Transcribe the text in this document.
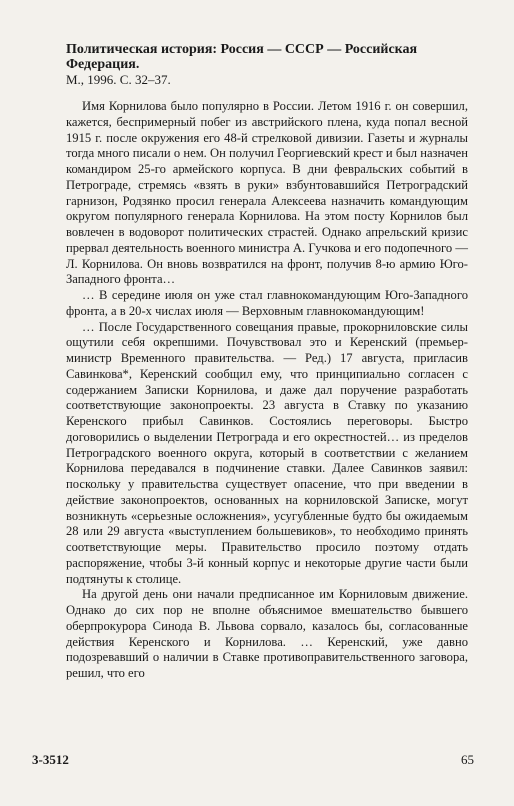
Политическая история: Россия — СССР — Российская Федерация.

М., 1996. С. 32–37.

Имя Корнилова было популярно в России. Летом 1916 г. он совершил, кажется, беспримерный побег из австрийского плена, куда попал весной 1915 г. после окружения его 48-й стрелковой дивизии. Газеты и журналы тогда много писали о нем. Он получил Георгиевский крест и был назначен командиром 25-го армейского корпуса. В дни февральских событий в Петрограде, стремясь «взять в руки» взбунтовавшийся Петроградский гарнизон, Родзянко просил генерала Алексеева назначить командующим округом популярного генерала Корнилова. На этом посту Корнилов был вовлечен в водоворот политических страстей. Однако апрельский кризис прервал деятельность военного министра А. Гучкова и его подопечного — Л. Корнилова. Он вновь возвратился на фронт, получив 8-ю армию Юго-Западного фронта…

… В середине июля он уже стал главнокомандующим Юго-Западного фронта, а в 20-х числах июля — Верховным главнокомандующим!

… После Государственного совещания правые, прокорниловские силы ощутили себя окрепшими. Почувствовал это и Керенский (премьер-министр Временного правительства. — Ред.) 17 августа, пригласив Савинкова*, Керенский сообщил ему, что принципиально согласен с содержанием Записки Корнилова, и даже дал поручение разработать соответствующие законопроекты. 23 августа в Ставку по указанию Керенского прибыл Савинков. Состоялись переговоры. Быстро договорились о выделении Петрограда и его окрестностей… из пределов Петроградского военного округа, который в соответствии с желанием Корнилова передавался в подчинение ставки. Далее Савинков заявил: поскольку у правительства существует опасение, что при введении в действие законопроектов, основанных на корниловской Записке, могут возникнуть «серьезные осложнения», усугубленные будто бы ожидаемым 28 или 29 августа «выступлением большевиков», то необходимо принять соответствующие меры. Правительство просило поэтому отдать распоряжение, чтобы 3-й конный корпус и некоторые другие части были подтянуты к столице.

На другой день они начали предписанное им Корниловым движение. Однако до сих пор не вполне объяснимое вмешательство бывшего оберпрокурора Синода В. Львова сорвало, казалось бы, согласованные действия Керенского и Корнилова. … Керенский, уже давно подозревавший о наличии в Ставке противоправительственного заговора, решил, что его

3-3512	65
